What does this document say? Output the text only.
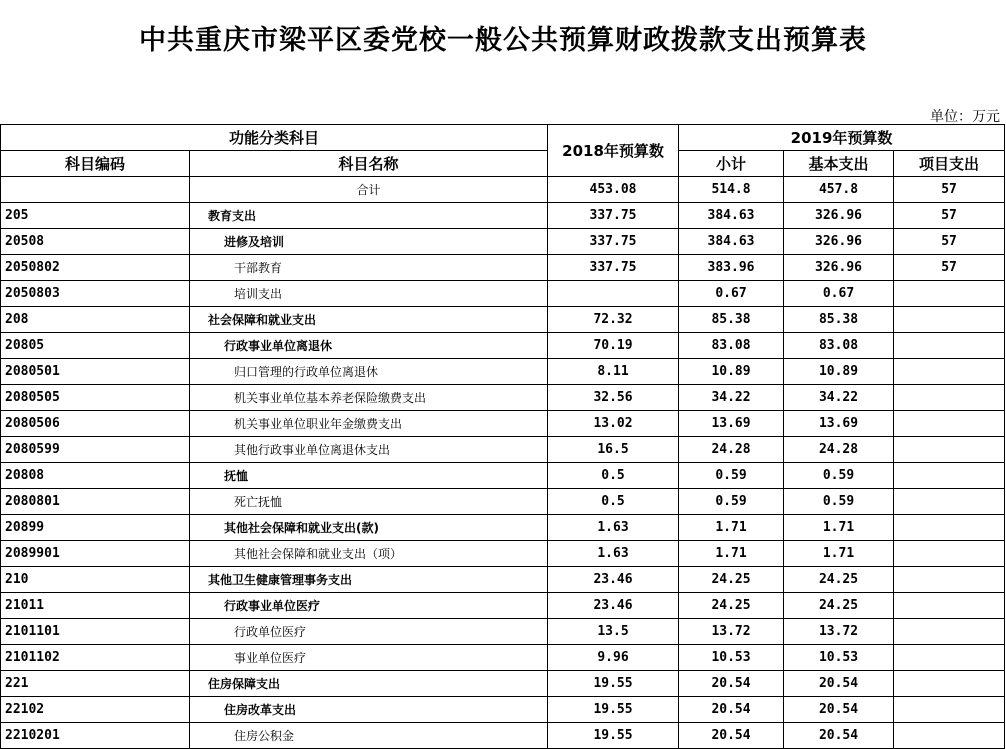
中共重庆市梁平区委党校一般公共预算财政拨款支出预算表
单位：万元
功能分类科目		2018年预算数	2019年预算数		
科目编码	科目名称		小计	基本支出	项目支出
	合计	453.08	514.8	457.8	57
205	教育支出	337.75	384.63	326.96	57
20508	进修及培训	337.75	384.63	326.96	57
2050802	干部教育	337.75	383.96	326.96	57
2050803	培训支出		0.67	0.67	
208	社会保障和就业支出	72.32	85.38	85.38	
20805	行政事业单位离退休	70.19	83.08	83.08	
2080501	归口管理的行政单位离退休	8.11	10.89	10.89	
2080505	机关事业单位基本养老保险缴费支出	32.56	34.22	34.22	
2080506	机关事业单位职业年金缴费支出	13.02	13.69	13.69	
2080599	其他行政事业单位离退休支出	16.5	24.28	24.28	
20808	抚恤	0.5	0.59	0.59	
2080801	死亡抚恤	0.5	0.59	0.59	
20899	其他社会保障和就业支出(款)	1.63	1.71	1.71	
2089901	其他社会保障和就业支出（项）	1.63	1.71	1.71	
210	其他卫生健康管理事务支出	23.46	24.25	24.25	
21011	行政事业单位医疗	23.46	24.25	24.25	
2101101	行政单位医疗	13.5	13.72	13.72	
2101102	事业单位医疗	9.96	10.53	10.53	
221	住房保障支出	19.55	20.54	20.54	
22102	住房改革支出	19.55	20.54	20.54	
2210201	住房公积金	19.55	20.54	20.54	
